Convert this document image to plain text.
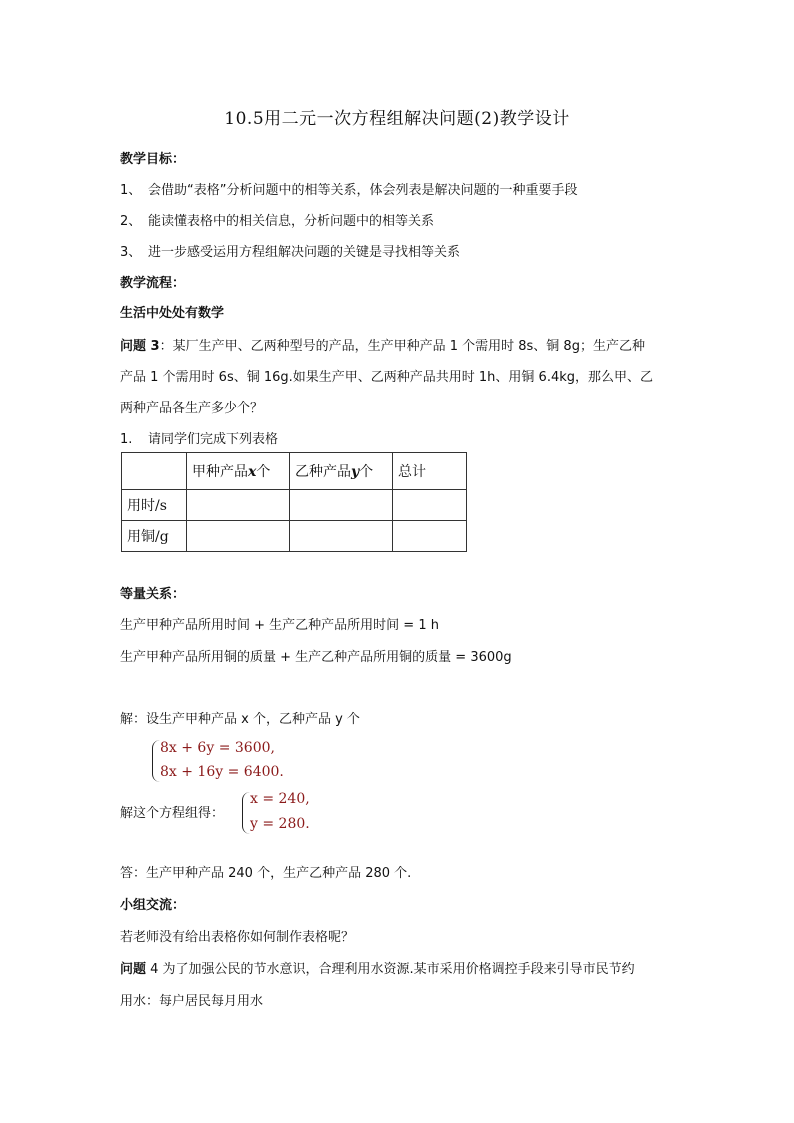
10.5用二元一次方程组解决问题(2)教学设计
教学目标：
1、 会借助“表格”分析问题中的相等关系，体会列表是解决问题的一种重要手段
2、 能读懂表格中的相关信息，分析问题中的相等关系
3、 进一步感受运用方程组解决问题的关键是寻找相等关系
教学流程：
生活中处处有数学
问题 3：某厂生产甲、乙两种型号的产品，生产甲种产品 1 个需用时 8s、铜 8g；生产乙种
产品 1 个需用时 6s、铜 16g.如果生产甲、乙两种产品共用时 1h、用铜 6.4kg，那么甲、乙
两种产品各生产多少个？
1. 请同学们完成下列表格
	甲种产品x个	乙种产品y个	总计
用时/s			
用铜/g			
等量关系：
生产甲种产品所用时间 + 生产乙种产品所用时间 = 1 h
生产甲种产品所用铜的质量 + 生产乙种产品所用铜的质量 = 3600g
解：设生产甲种产品 x 个，乙种产品 y 个
8x + 6y = 3600,
8x + 16y = 6400.
解这个方程组得：
x = 240,
y = 280.
答：生产甲种产品 240 个，生产乙种产品 280 个.
小组交流：
若老师没有给出表格你如何制作表格呢？
问题 4 为了加强公民的节水意识，合理利用水资源.某市采用价格调控手段来引导市民节约
用水：每户居民每月用水
